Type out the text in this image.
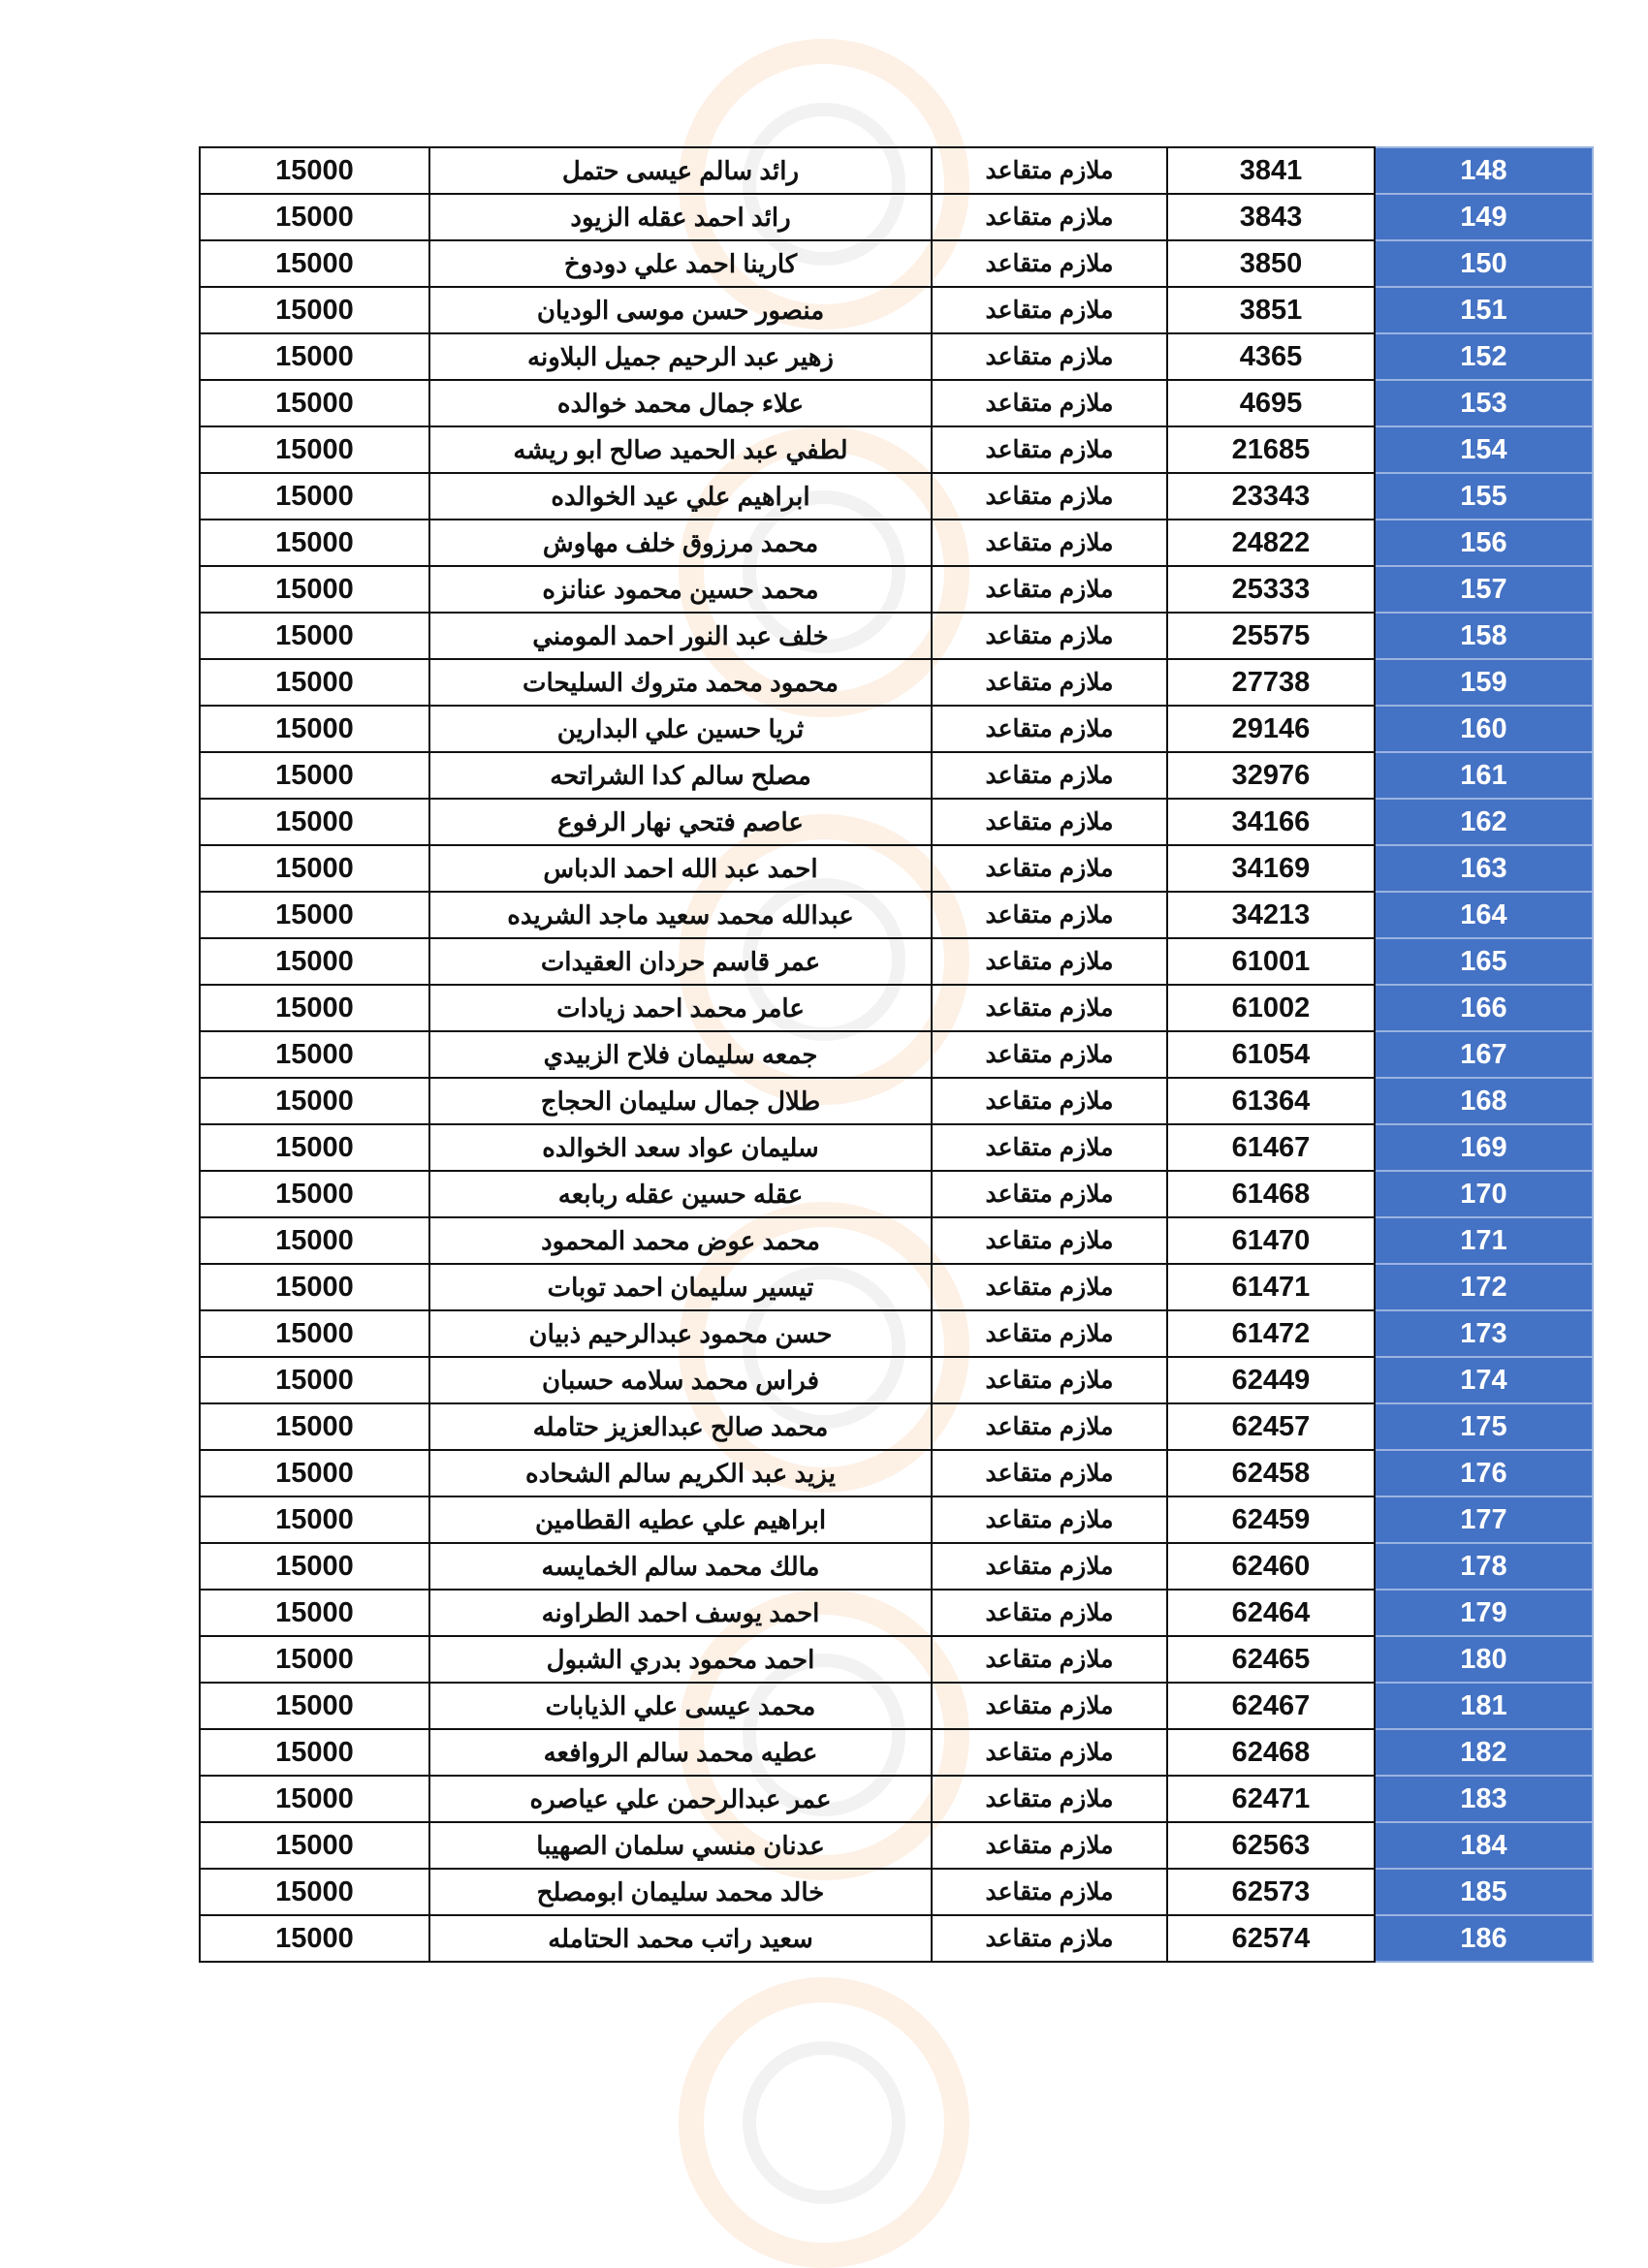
15000	رائد سالم عيسى حتمل	ملازم متقاعد	3841	148
15000	رائد احمد عقله الزيود	ملازم متقاعد	3843	149
15000	كارينا احمد علي دودوخ	ملازم متقاعد	3850	150
15000	منصور حسن موسى الوديان	ملازم متقاعد	3851	151
15000	زهير عبد الرحيم جميل البلاونه	ملازم متقاعد	4365	152
15000	علاء جمال محمد خوالده	ملازم متقاعد	4695	153
15000	لطفي عبد الحميد صالح ابو ريشه	ملازم متقاعد	21685	154
15000	ابراهيم علي عيد الخوالده	ملازم متقاعد	23343	155
15000	محمد مرزوق خلف مهاوش	ملازم متقاعد	24822	156
15000	محمد حسين محمود عنانزه	ملازم متقاعد	25333	157
15000	خلف عبد النور احمد المومني	ملازم متقاعد	25575	158
15000	محمود محمد متروك السليحات	ملازم متقاعد	27738	159
15000	ثريا حسين علي البدارين	ملازم متقاعد	29146	160
15000	مصلح سالم كدا الشراتحه	ملازم متقاعد	32976	161
15000	عاصم فتحي نهار الرفوع	ملازم متقاعد	34166	162
15000	احمد عبد الله احمد الدباس	ملازم متقاعد	34169	163
15000	عبدالله محمد سعيد ماجد الشريده	ملازم متقاعد	34213	164
15000	عمر قاسم حردان العقيدات	ملازم متقاعد	61001	165
15000	عامر محمد احمد زيادات	ملازم متقاعد	61002	166
15000	جمعه سليمان فلاح الزبيدي	ملازم متقاعد	61054	167
15000	طلال جمال سليمان الحجاج	ملازم متقاعد	61364	168
15000	سليمان عواد سعد الخوالده	ملازم متقاعد	61467	169
15000	عقله حسين عقله ربابعه	ملازم متقاعد	61468	170
15000	محمد عوض محمد المحمود	ملازم متقاعد	61470	171
15000	تيسير سليمان احمد توبات	ملازم متقاعد	61471	172
15000	حسن محمود عبدالرحيم ذبيان	ملازم متقاعد	61472	173
15000	فراس محمد سلامه حسبان	ملازم متقاعد	62449	174
15000	محمد صالح عبدالعزيز حتامله	ملازم متقاعد	62457	175
15000	يزيد عبد الكريم سالم الشحاده	ملازم متقاعد	62458	176
15000	ابراهيم علي عطيه القطامين	ملازم متقاعد	62459	177
15000	مالك محمد سالم الخمايسه	ملازم متقاعد	62460	178
15000	احمد يوسف احمد الطراونه	ملازم متقاعد	62464	179
15000	احمد محمود بدري الشبول	ملازم متقاعد	62465	180
15000	محمد عيسى علي الذيابات	ملازم متقاعد	62467	181
15000	عطيه محمد سالم الروافعه	ملازم متقاعد	62468	182
15000	عمر عبدالرحمن علي عياصره	ملازم متقاعد	62471	183
15000	عدنان منسي سلمان الصهيبا	ملازم متقاعد	62563	184
15000	خالد محمد سليمان ابومصلح	ملازم متقاعد	62573	185
15000	سعيد راتب محمد الحتامله	ملازم متقاعد	62574	186
